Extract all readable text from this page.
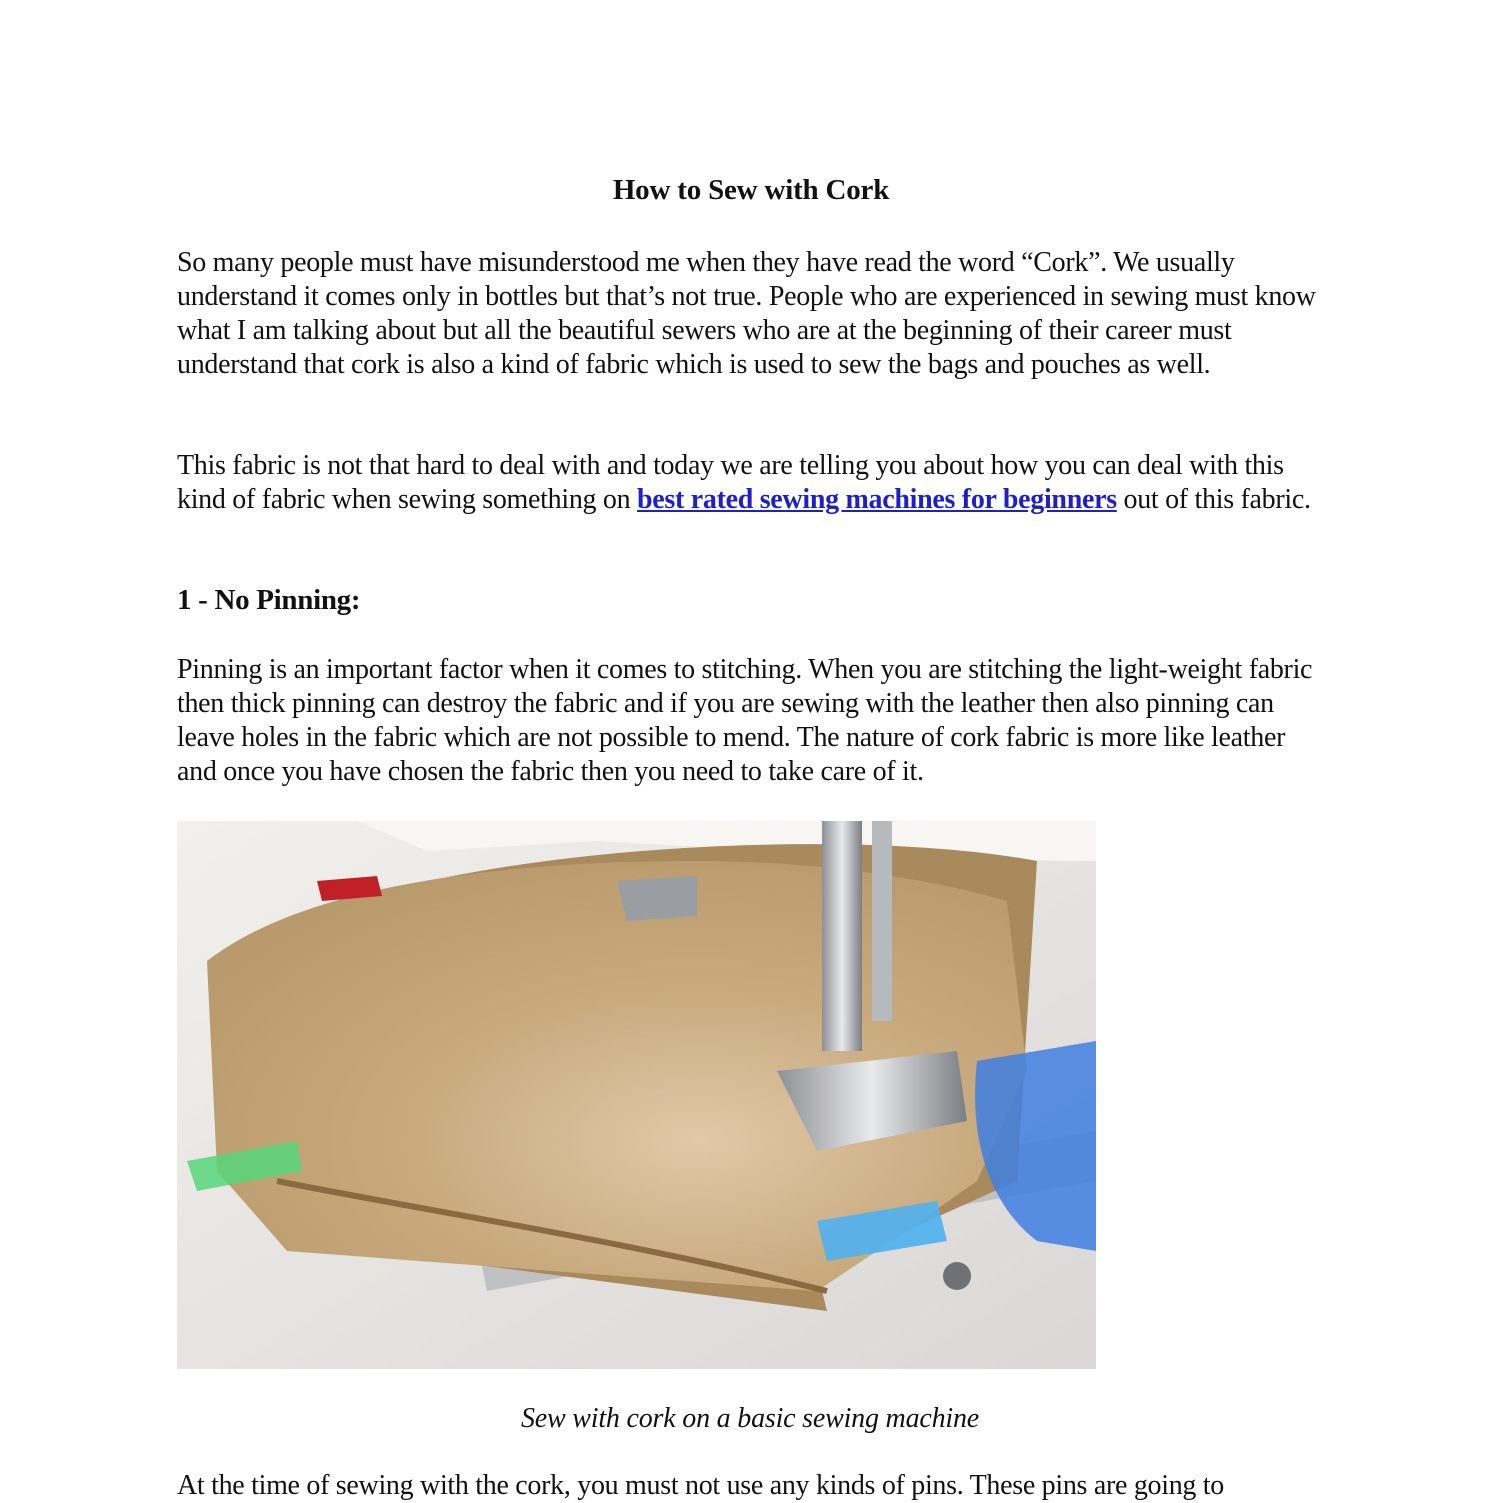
How to Sew with Cork

So many people must have misunderstood me when they have read the word “Cork”. We usually understand it comes only in bottles but that’s not true. People who are experienced in sewing must know what I am talking about but all the beautiful sewers who are at the beginning of their career must understand that cork is also a kind of fabric which is used to sew the bags and pouches as well.

This fabric is not that hard to deal with and today we are telling you about how you can deal with this kind of fabric when sewing something on best rated sewing machines for beginners out of this fabric.

1 - No Pinning:

Pinning is an important factor when it comes to stitching. When you are stitching the light-weight fabric then thick pinning can destroy the fabric and if you are sewing with the leather then also pinning can leave holes in the fabric which are not possible to mend. The nature of cork fabric is more like leather and once you have chosen the fabric then you need to take care of it.

At the time of sewing with the cork, you must not use any kinds of pins. These pins are going to

Sew with cork on a basic sewing machine
